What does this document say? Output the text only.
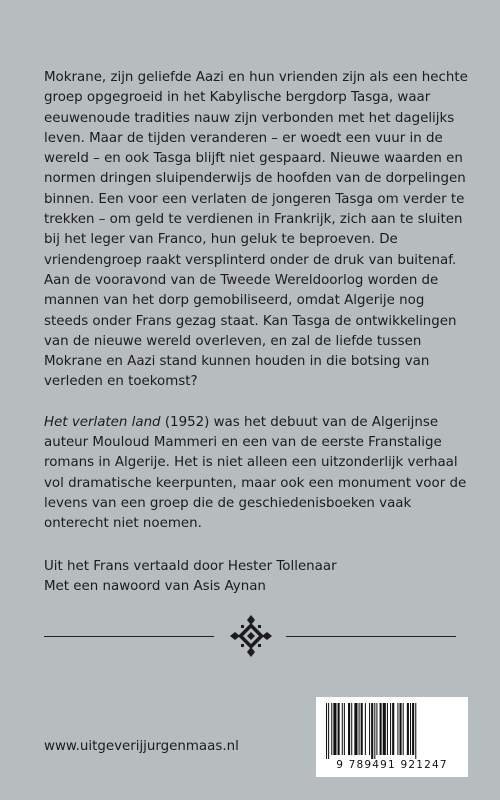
Mokrane, zijn geliefde Aazi en hun vrienden zijn als een hechte groep opgegroeid in het Kabylische bergdorp Tasga, waar eeuwenoude tradities nauw zijn verbonden met het dagelijks leven. Maar de tijden veranderen – er woedt een vuur in de wereld – en ook Tasga blijft niet gespaard. Nieuwe waarden en normen dringen sluipenderwijs de hoofden van de dorpelingen binnen. Een voor een verlaten de jongeren Tasga om verder te trekken – om geld te verdienen in Frankrijk, zich aan te sluiten bij het leger van Franco, hun geluk te beproeven. De vriendengroep raakt versplinterd onder de druk van buitenaf. Aan de vooravond van de Tweede Wereldoorlog worden de mannen van het dorp gemobiliseerd, omdat Algerije nog steeds onder Frans gezag staat. Kan Tasga de ontwikkelingen van de nieuwe wereld overleven, en zal de liefde tussen Mokrane en Aazi stand kunnen houden in die botsing van verleden en toekomst?

Het verlaten land (1952) was het debuut van de Algerijnse auteur Mouloud Mammeri en een van de eerste Franstalige romans in Algerije. Het is niet alleen een uitzonderlijk verhaal vol dramatische keerpunten, maar ook een monument voor de levens van een groep die de geschiedenisboeken vaak onterecht niet noemen.

Uit het Frans vertaald door Hester Tollenaar

Met een nawoord van Asis Aynan

www.uitgeverijjurgenmaas.nl
9 789491 921247
